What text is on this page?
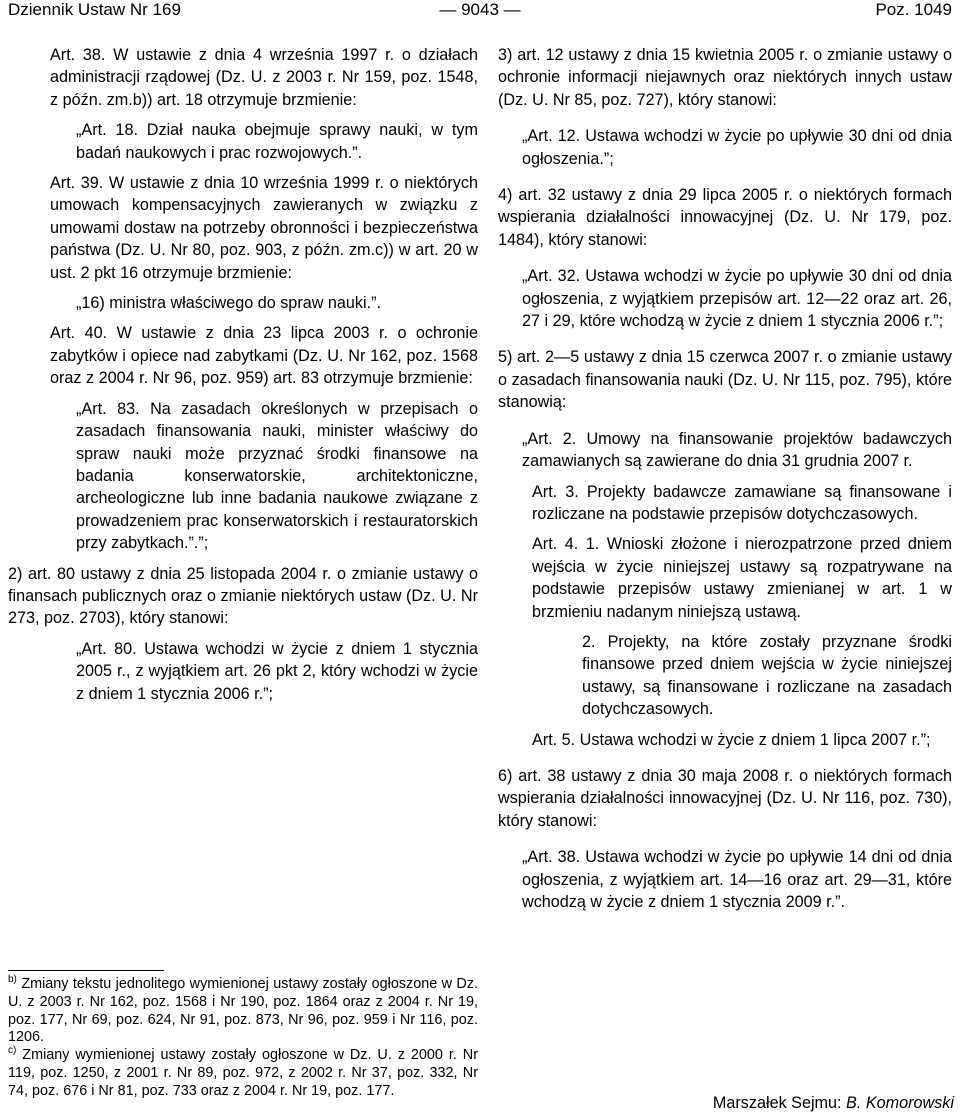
Dziennik Ustaw Nr 169	— 9043 —	Poz. 1049

Art. 38. W ustawie z dnia 4 września 1997 r. o działach administracji rządowej (Dz. U. z 2003 r. Nr 159, poz. 1548, z późn. zm.b)) art. 18 otrzymuje brzmienie:

„Art. 18. Dział nauka obejmuje sprawy nauki, w tym badań naukowych i prac rozwojowych.”.

Art. 39. W ustawie z dnia 10 września 1999 r. o niektórych umowach kompensacyjnych zawieranych w związku z umowami dostaw na potrzeby obronności i bezpieczeństwa państwa (Dz. U. Nr 80, poz. 903, z późn. zm.c)) w art. 20 w ust. 2 pkt 16 otrzymuje brzmienie:

„16) ministra właściwego do spraw nauki.”.

Art. 40. W ustawie z dnia 23 lipca 2003 r. o ochronie zabytków i opiece nad zabytkami (Dz. U. Nr 162, poz. 1568 oraz z 2004 r. Nr 96, poz. 959) art. 83 otrzymuje brzmienie:

„Art. 83. Na zasadach określonych w przepisach o zasadach finansowania nauki, minister właściwy do spraw nauki może przyznać środki finansowe na badania konserwatorskie, architektoniczne, archeologiczne lub inne badania naukowe związane z prowadzeniem prac konserwatorskich i restauratorskich przy zabytkach.”.”;

2) art. 80 ustawy z dnia 25 listopada 2004 r. o zmianie ustawy o finansach publicznych oraz o zmianie niektórych ustaw (Dz. U. Nr 273, poz. 2703), który stanowi:

„Art. 80. Ustawa wchodzi w życie z dniem 1 stycznia 2005 r., z wyjątkiem art. 26 pkt 2, który wchodzi w życie z dniem 1 stycznia 2006 r.”;

$^{b)}$ Zmiany tekstu jednolitego wymienionej ustawy zostały ogłoszone w Dz. U. z 2003 r. Nr 162, poz. 1568 i Nr 190, poz. 1864 oraz z 2004 r. Nr 19, poz. 177, Nr 69, poz. 624, Nr 91, poz. 873, Nr 96, poz. 959 i Nr 116, poz. 1206.

$^{c)}$ Zmiany wymienionej ustawy zostały ogłoszone w Dz. U. z 2000 r. Nr 119, poz. 1250, z 2001 r. Nr 89, poz. 972, z 2002 r. Nr 37, poz. 332, Nr 74, poz. 676 i Nr 81, poz. 733 oraz z 2004 r. Nr 19, poz. 177.

3) art. 12 ustawy z dnia 15 kwietnia 2005 r. o zmianie ustawy o ochronie informacji niejawnych oraz niektórych innych ustaw (Dz. U. Nr 85, poz. 727), który stanowi:

„Art. 12. Ustawa wchodzi w życie po upływie 30 dni od dnia ogłoszenia.”;

4) art. 32 ustawy z dnia 29 lipca 2005 r. o niektórych formach wspierania działalności innowacyjnej (Dz. U. Nr 179, poz. 1484), który stanowi:

„Art. 32. Ustawa wchodzi w życie po upływie 30 dni od dnia ogłoszenia, z wyjątkiem przepisów art. 12—22 oraz art. 26, 27 i 29, które wchodzą w życie z dniem 1 stycznia 2006 r.”;

5) art. 2—5 ustawy z dnia 15 czerwca 2007 r. o zmianie ustawy o zasadach finansowania nauki (Dz. U. Nr 115, poz. 795), które stanowią:

„Art. 2. Umowy na finansowanie projektów badawczych zamawianych są zawierane do dnia 31 grudnia 2007 r.

Art. 3. Projekty badawcze zamawiane są finansowane i rozliczane na podstawie przepisów dotychczasowych.

Art. 4. 1. Wnioski złożone i nierozpatrzone przed dniem wejścia w życie niniejszej ustawy są rozpatrywane na podstawie przepisów ustawy zmienianej w art. 1 w brzmieniu nadanym niniejszą ustawą.

2. Projekty, na które zostały przyznane środki finansowe przed dniem wejścia w życie niniejszej ustawy, są finansowane i rozliczane na zasadach dotychczasowych.

Art. 5. Ustawa wchodzi w życie z dniem 1 lipca 2007 r.”;

6) art. 38 ustawy z dnia 30 maja 2008 r. o niektórych formach wspierania działalności innowacyjnej (Dz. U. Nr 116, poz. 730), który stanowi:

„Art. 38. Ustawa wchodzi w życie po upływie 14 dni od dnia ogłoszenia, z wyjątkiem art. 14—16 oraz art. 29—31, które wchodzą w życie z dniem 1 stycznia 2009 r.”.

Marszałek Sejmu: B. Komorowski
